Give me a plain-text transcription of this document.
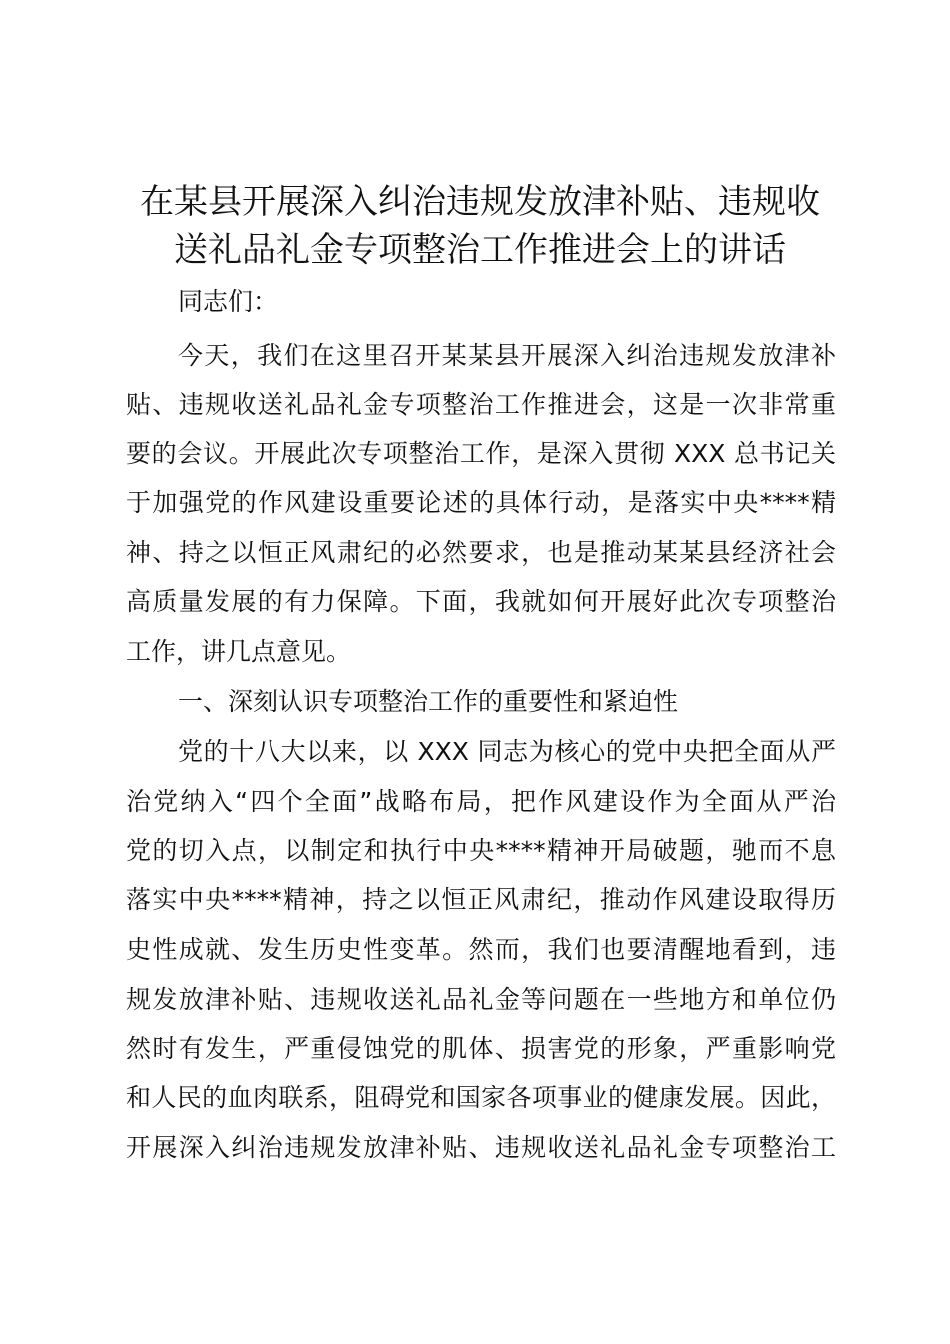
在某县开展深入纠治违规发放津补贴、违规收
送礼品礼金专项整治工作推进会上的讲话
同志们：
今天，我们在这里召开某某县开展深入纠治违规发放津补
贴、违规收送礼品礼金专项整治工作推进会，这是一次非常重
要的会议。开展此次专项整治工作，是深入贯彻 XXX 总书记关
于加强党的作风建设重要论述的具体行动，是落实中央****精
神、持之以恒正风肃纪的必然要求，也是推动某某县经济社会
高质量发展的有力保障。下面，我就如何开展好此次专项整治
工作，讲几点意见。
一、深刻认识专项整治工作的重要性和紧迫性
党的十八大以来，以 XXX 同志为核心的党中央把全面从严
治党纳入“四个全面”战略布局，把作风建设作为全面从严治
党的切入点，以制定和执行中央****精神开局破题，驰而不息
落实中央****精神，持之以恒正风肃纪，推动作风建设取得历
史性成就、发生历史性变革。然而，我们也要清醒地看到，违
规发放津补贴、违规收送礼品礼金等问题在一些地方和单位仍
然时有发生，严重侵蚀党的肌体、损害党的形象，严重影响党
和人民的血肉联系，阻碍党和国家各项事业的健康发展。因此，
开展深入纠治违规发放津补贴、违规收送礼品礼金专项整治工
